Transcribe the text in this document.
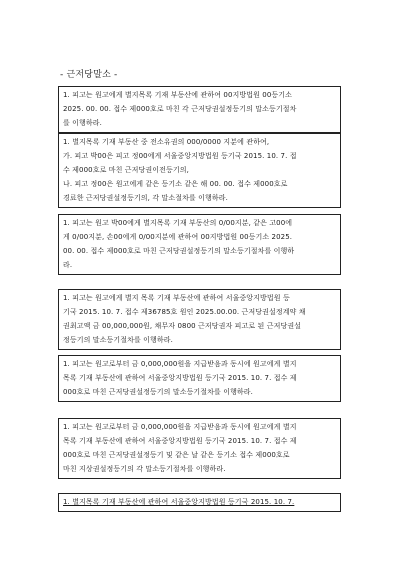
- 근저당말소 -
1. 피고는 원고에게 별지목록 기재 부동산에 관하여 00지방법원 00등기소
2025. 00. 00. 접수 제000호로 마친 각 근저당권설정등기의 말소등기절차
를 이행하라.
1. 별지목록 기재 부동산 중 전소유권의 000/0000 지분에 관하여,
가. 피고 박00은 피고 정00에게 서울중앙지방법원 등기국 2015. 10. 7. 접
수 제000호로 마친 근저당권이전등기의,
나. 피고 정00은 원고에게 같은 등기소 같은 해 00. 00. 접수 제000호로
경료한 근저당권설정등기의, 각 말소절차를 이행하라.
1. 피고는 원고 박00에게 별지목록 기재 부동산의 0/00지분, 같은 고00에
게 0/00지분, 손00에게 0/00지분에 관하여 00지방법원 00등기소 2025.
00. 00. 접수 제000호로 마친 근저당권설정등기의 말소등기절차를 이행하
라.
1. 피고는 원고에게 별지 목록 기재 부동산에 관하여 서울중앙지방법원 등
기국 2015. 10. 7. 접수 제36785호 원인 2025.00.00. 근저당권설정계약 채
권최고액 금 00,000,000원, 채무자 0800 근저당권자 피고로 된 근저당권설
정등기의 말소등기절차를 이행하라.
1. 피고는 원고로부터 금 0,000,000원을 지급받음과 동시에 원고에게 별지
목록 기재 부동산에 관하여 서울중앙지방법원 등기국 2015. 10. 7. 접수 제
000호로 마친 근저당권설정등기의 말소등기절차를 이행하라.
1. 피고는 원고로부터 금 0,000,000원을 지급받음과 동시에 원고에게 별지
목록 기재 부동산에 관하여 서울중앙지방법원 등기국 2015. 10. 7. 접수 제
000호로 마친 근저당권설정등기 및 같은 날 같은 등기소 접수 제000호로
마친 지상권설정등기의 각 말소등기절차를 이행하라.
1. 별지목록 기재 부동산에 관하여 서울중앙지방법원 등기국 2015. 10. 7.
